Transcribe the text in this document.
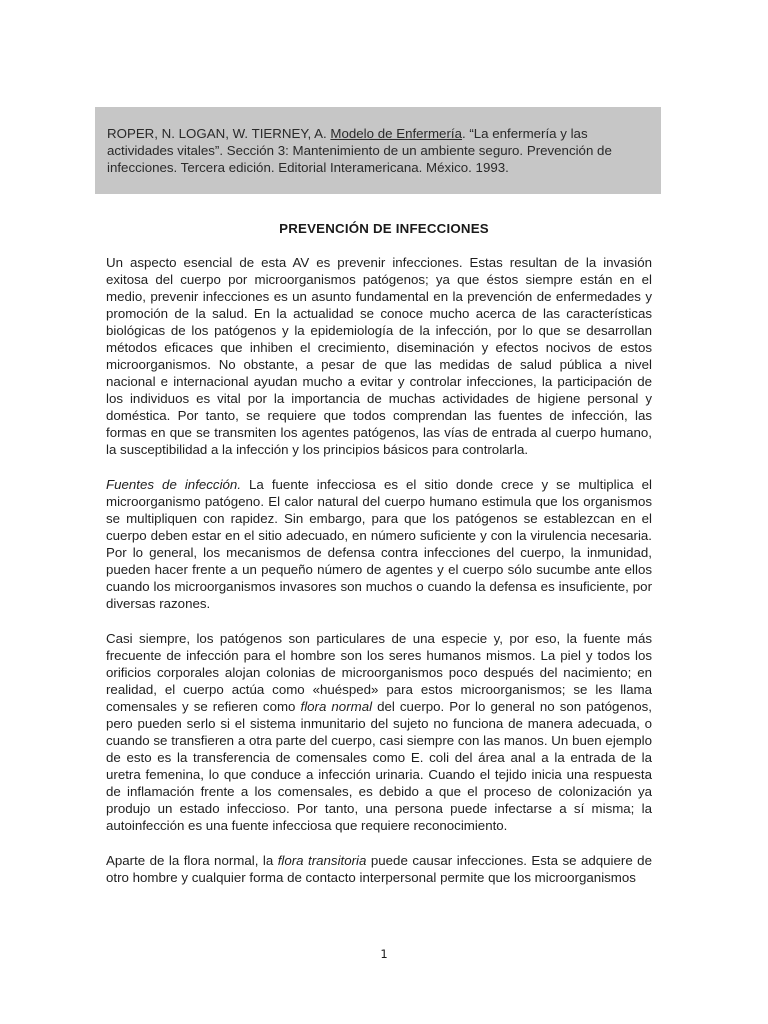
ROPER, N. LOGAN, W. TIERNEY, A. Modelo de Enfermería. “La enfermería y las actividades vitales”. Sección 3: Mantenimiento de un ambiente seguro. Prevención de infecciones. Tercera edición. Editorial Interamericana. México. 1993.

PREVENCIÓN DE INFECCIONES

Un aspecto esencial de esta AV es prevenir infecciones. Estas resultan de la invasión exitosa del cuerpo por microorganismos patógenos; ya que éstos siempre están en el medio, prevenir infecciones es un asunto fundamental en la prevención de enfermedades y promoción de la salud. En la actualidad se conoce mucho acerca de las características biológicas de los patógenos y la epidemiología de la infección, por lo que se desarrollan métodos eficaces que inhiben el crecimiento, diseminación y efectos nocivos de estos microorganismos. No obstante, a pesar de que las medidas de salud pública a nivel nacional e internacional ayudan mucho a evitar y controlar infecciones, la participación de los individuos es vital por la importancia de muchas actividades de higiene personal y doméstica. Por tanto, se requiere que todos comprendan las fuentes de infección, las formas en que se transmiten los agentes patógenos, las vías de entrada al cuerpo humano, la susceptibilidad a la infección y los principios básicos para controlarla.

Fuentes de infección. La fuente infecciosa es el sitio donde crece y se multiplica el microorganismo patógeno. El calor natural del cuerpo humano estimula que los organismos se multipliquen con rapidez. Sin embargo, para que los patógenos se establezcan en el cuerpo deben estar en el sitio adecuado, en número suficiente y con la virulencia necesaria. Por lo general, los mecanismos de defensa contra infecciones del cuerpo, la inmunidad, pueden hacer frente a un pequeño número de agentes y el cuerpo sólo sucumbe ante ellos cuando los microorganismos invasores son muchos o cuando la defensa es insuficiente, por diversas razones.

Casi siempre, los patógenos son particulares de una especie y, por eso, la fuente más frecuente de infección para el hombre son los seres humanos mismos. La piel y todos los orificios corporales alojan colonias de microorganismos poco después del nacimiento; en realidad, el cuerpo actúa como «huésped» para estos microorganismos; se les llama comensales y se refieren como flora normal del cuerpo. Por lo general no son patógenos, pero pueden serlo si el sistema inmunitario del sujeto no funciona de manera adecuada, o cuando se transfieren a otra parte del cuerpo, casi siempre con las manos. Un buen ejemplo de esto es la transferencia de comensales como E. coli del área anal a la entrada de la uretra femenina, lo que conduce a infección urinaria. Cuando el tejido inicia una respuesta de inflamación frente a los comensales, es debido a que el proceso de colonización ya produjo un estado infeccioso. Por tanto, una persona puede infectarse a sí misma; la autoinfección es una fuente infecciosa que requiere reconocimiento.

Aparte de la flora normal, la flora transitoria puede causar infecciones. Esta se adquiere de otro hombre y cualquier forma de contacto interpersonal permite que los microorganismos

1
